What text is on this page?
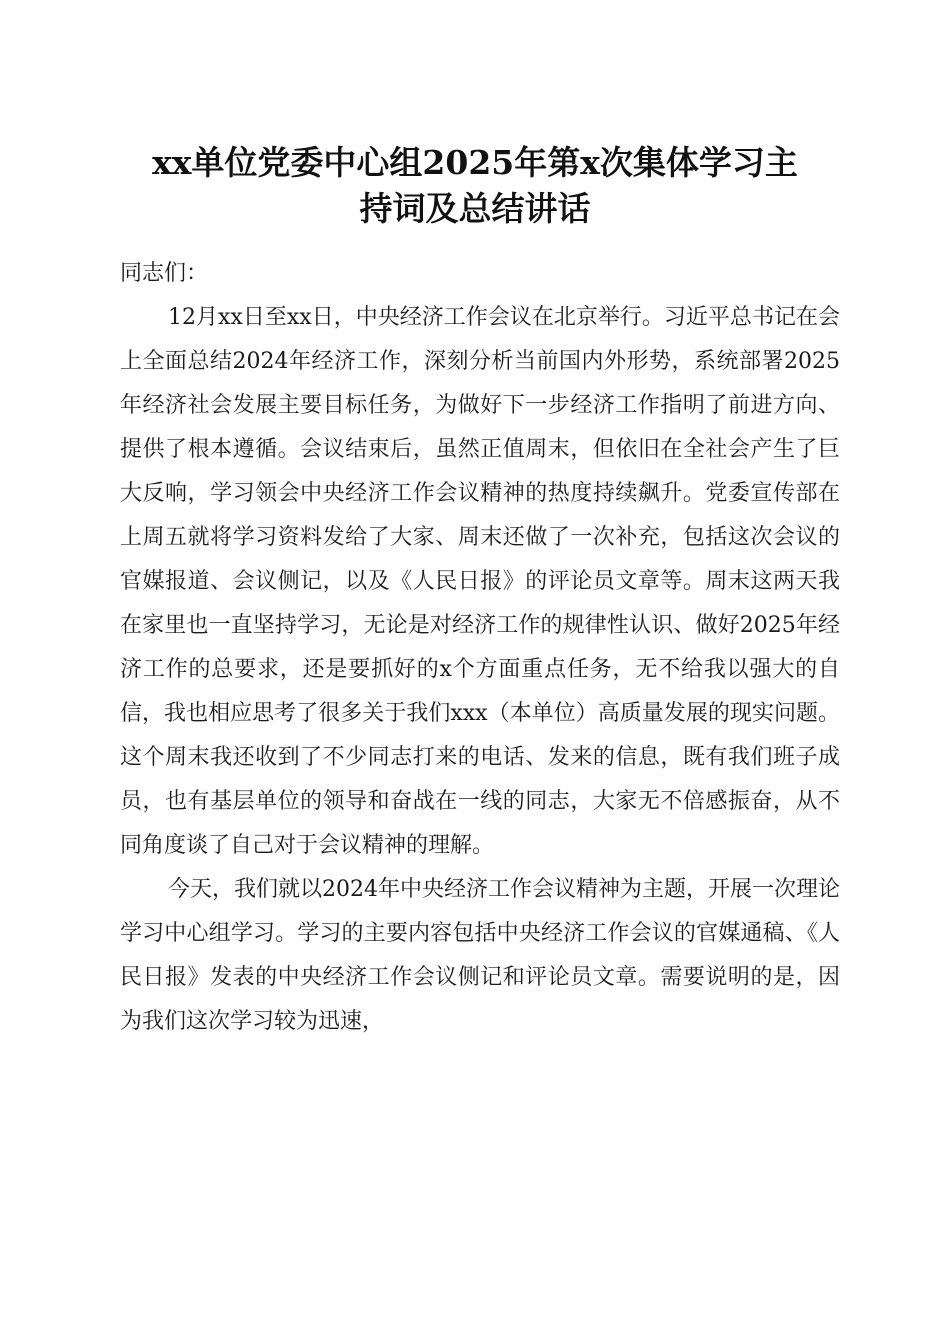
xx单位党委中心组2025年第x次集体学习主
持词及总结讲话

同志们：

12月xx日至xx日，中央经济工作会议在北京举行。习近平总书记在会上全面总结2024年经济工作，深刻分析当前国内外形势，系统部署2025年经济社会发展主要目标任务，为做好下一步经济工作指明了前进方向、提供了根本遵循。会议结束后，虽然正值周末，但依旧在全社会产生了巨大反响，学习领会中央经济工作会议精神的热度持续飙升。党委宣传部在上周五就将学习资料发给了大家、周末还做了一次补充，包括这次会议的官媒报道、会议侧记，以及《人民日报》的评论员文章等。周末这两天我在家里也一直坚持学习，无论是对经济工作的规律性认识、做好2025年经济工作的总要求，还是要抓好的x个方面重点任务，无不给我以强大的自信，我也相应思考了很多关于我们xxx（本单位）高质量发展的现实问题。这个周末我还收到了不少同志打来的电话、发来的信息，既有我们班子成员，也有基层单位的领导和奋战在一线的同志，大家无不倍感振奋，从不同角度谈了自己对于会议精神的理解。

今天，我们就以2024年中央经济工作会议精神为主题，开展一次理论学习中心组学习。学习的主要内容包括中央经济工作会议的官媒通稿、《人民日报》发表的中央经济工作会议侧记和评论员文章。需要说明的是，因为我们这次学习较为迅速，
